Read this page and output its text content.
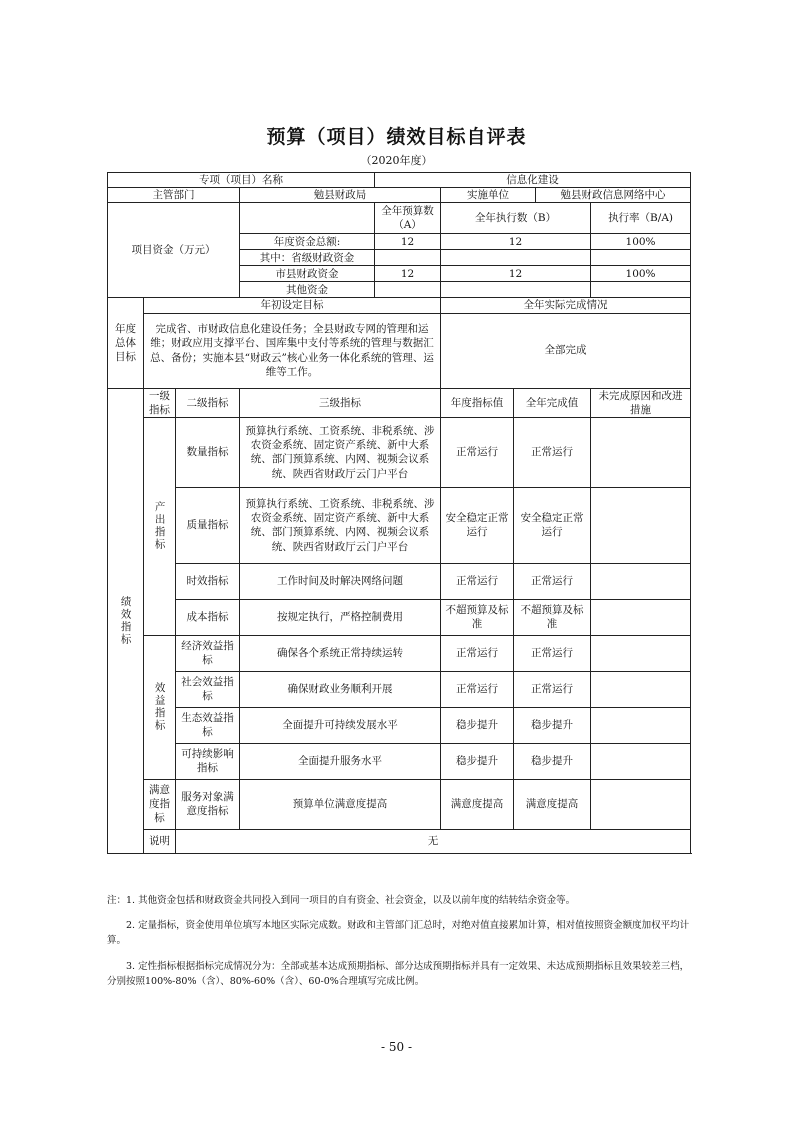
预算（项目）绩效目标自评表
（2020年度）
专项（项目）名称				信息化建设				
主管部门			勉县财政局		实施单位		勉县财政信息网络中心	
项目资金（万元）				全年预算数（A）	全年执行数（B）			执行率（B/A)
			年度资金总额:	12	12			100%
			其中：省级财政资金					
			市县财政资金	12	12			100%
			其他资金					
年度总体目标	年初设定目标				全年实际完成情况			
	完成省、市财政信息化建设任务；全县财政专网的管理和运维；财政应用支撑平台、国库集中支付等系统的管理与数据汇总、备份；实施本县“财政云”核心业务一体化系统的管理、运维等工作。				全部完成			
绩效指标	一级指标	二级指标	三级指标		年度指标值	全年完成值		未完成原因和改进措施
	产出指标	数量指标	预算执行系统、工资系统、非税系统、涉农资金系统、固定资产系统、新中大系统、部门预算系统、内网、视频会议系统、陕西省财政厅云门户平台		正常运行	正常运行		
		质量指标	预算执行系统、工资系统、非税系统、涉农资金系统、固定资产系统、新中大系统、部门预算系统、内网、视频会议系统、陕西省财政厅云门户平台		安全稳定正常运行	安全稳定正常运行		
		时效指标	工作时间及时解决网络问题		正常运行	正常运行		
		成本指标	按规定执行，严格控制费用		不超预算及标准	不超预算及标准		
	效益指标	经济效益指标	确保各个系统正常持续运转		正常运行	正常运行		
		社会效益指标	确保财政业务顺利开展		正常运行	正常运行		
		生态效益指标	全面提升可持续发展水平		稳步提升	稳步提升		
		可持续影响指标	全面提升服务水平		稳步提升	稳步提升		
	满意度指标	服务对象满意度指标	预算单位满意度提高		满意度提高	满意度提高		
	说明	无						

注：1. 其他资金包括和财政资金共同投入到同一项目的自有资金、社会资金，以及以前年度的结转结余资金等。

2. 定量指标，资金使用单位填写本地区实际完成数。财政和主管部门汇总时，对绝对值直接累加计算，相对值按照资金额度加权平均计算。

3. 定性指标根据指标完成情况分为：全部或基本达成预期指标、部分达成预期指标并具有一定效果、未达成预期指标且效果较差三档，分别按照100%-80%（含）、80%-60%（含）、60-0%合理填写完成比例。

- 50 -
